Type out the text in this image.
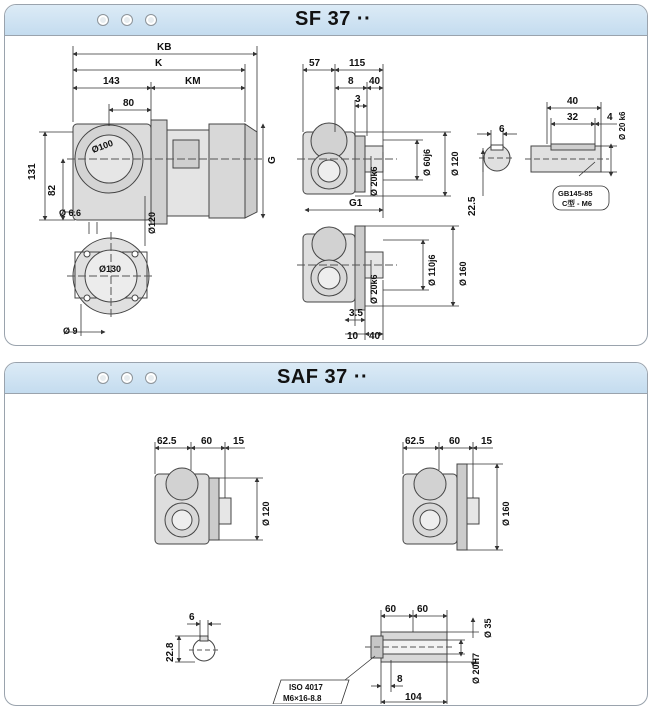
SF 37 ··
KB
K
143	KM
80
131
82
Ø100
Ø 6.6	Ø120
G
57	115
8 40
3
Ø 60j6 Ø 120
Ø 20k6
G1
Ø130
Ø 9
Ø 110j6 Ø 160
Ø 20k6
3.5
10 40
6
22.5
40
32	4 Ø 20 k6
GB145-85
C型 - M6
SAF 37 ··
62.5 60 15
Ø 120
62.5 60 15
Ø 160
6
22.8
60 60
Ø 35
8	Ø 20H7
104
ISO 4017
M6×16-8.8
